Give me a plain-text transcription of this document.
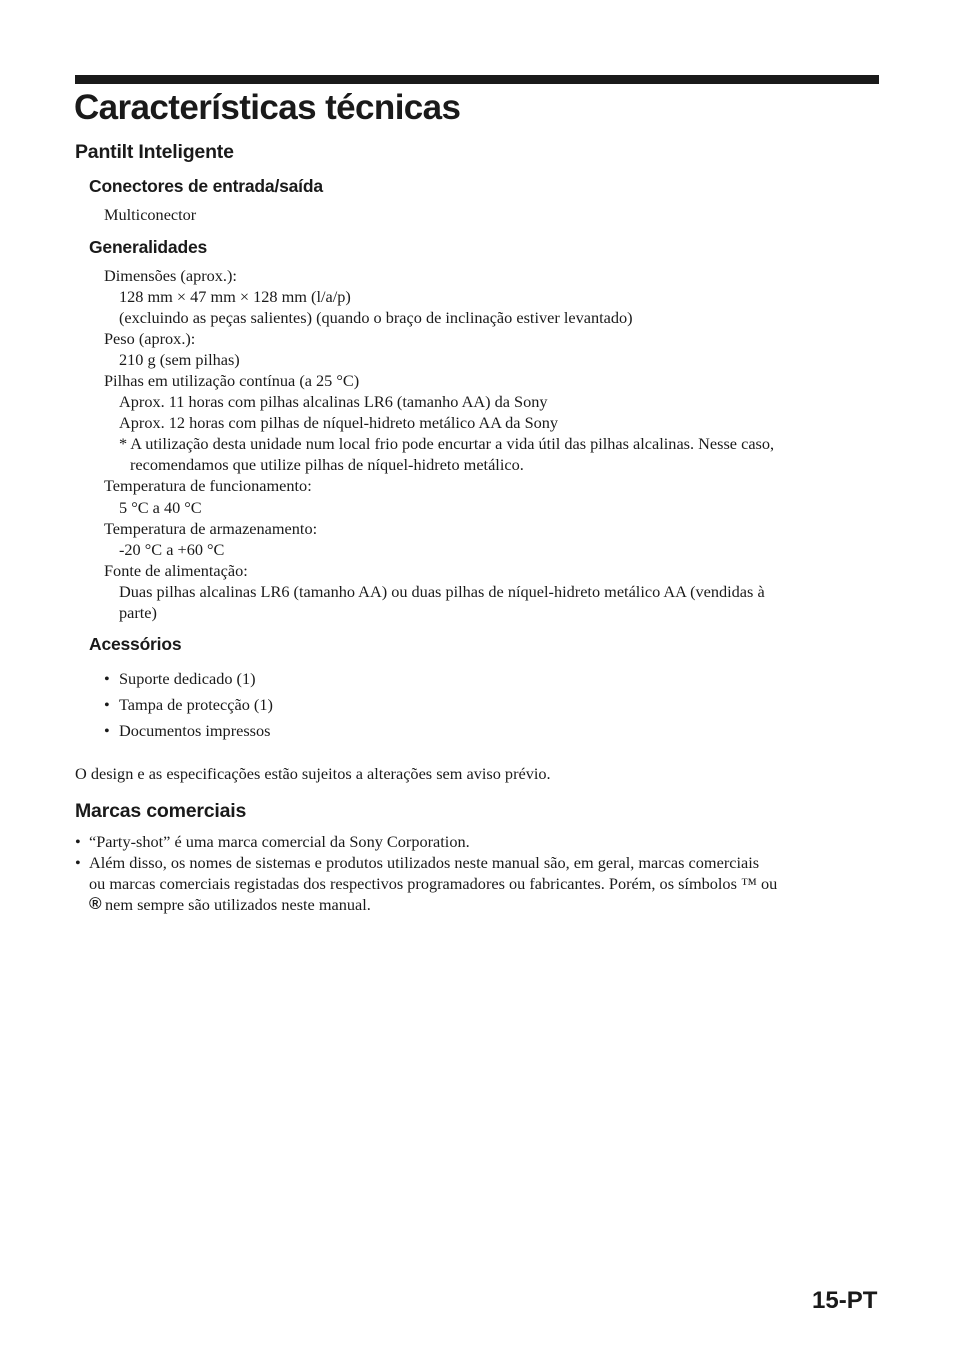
Características técnicas
Pantilt Inteligente
Conectores de entrada/saída
Multiconector
Generalidades
Dimensões (aprox.):
128 mm × 47 mm × 128 mm (l/a/p)
(excluindo as peças salientes) (quando o braço de inclinação estiver levantado)
Peso (aprox.):
210 g (sem pilhas)
Pilhas em utilização contínua (a 25 °C)
Aprox. 11 horas com pilhas alcalinas LR6 (tamanho AA) da Sony
Aprox. 12 horas com pilhas de níquel-hidreto metálico AA da Sony
* A utilização desta unidade num local frio pode encurtar a vida útil das pilhas alcalinas. Nesse caso,
recomendamos que utilize pilhas de níquel-hidreto metálico.
Temperatura de funcionamento:
5 °C a 40 °C
Temperatura de armazenamento:
-20 °C a +60 °C
Fonte de alimentação:
Duas pilhas alcalinas LR6 (tamanho AA) ou duas pilhas de níquel-hidreto metálico AA (vendidas à
parte)
Acessórios
• Suporte dedicado (1)
• Tampa de protecção (1)
• Documentos impressos
O design e as especificações estão sujeitos a alterações sem aviso prévio.
Marcas comerciais
• “Party-shot” é uma marca comercial da Sony Corporation.
• Além disso, os nomes de sistemas e produtos utilizados neste manual são, em geral, marcas comerciais
ou marcas comerciais registadas dos respectivos programadores ou fabricantes. Porém, os símbolos ™ ou
® nem sempre são utilizados neste manual.
15-PT
